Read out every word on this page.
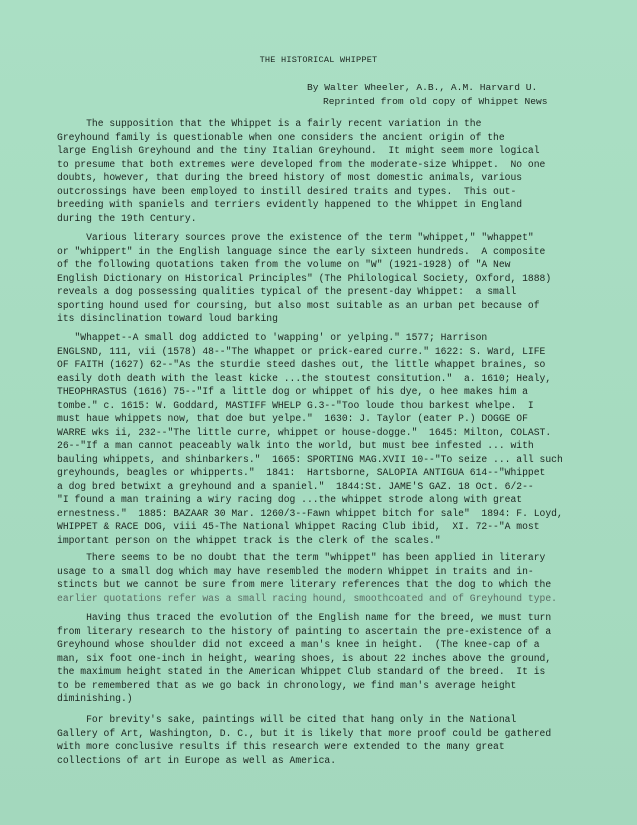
THE HISTORICAL WHIPPET
By Walter Wheeler, A.B., A.M. Harvard U.
Reprinted from old copy of Whippet News
The supposition that the Whippet is a fairly recent variation in the
Greyhound family is questionable when one considers the ancient origin of the
large English Greyhound and the tiny Italian Greyhound.  It might seem more logical
to presume that both extremes were developed from the moderate-size Whippet.  No one
doubts, however, that during the breed history of most domestic animals, various
outcrossings have been employed to instill desired traits and types.  This out-
breeding with spaniels and terriers evidently happened to the Whippet in England
during the 19th Century.
Various literary sources prove the existence of the term "whippet," "whappet"
or "whippert" in the English language since the early sixteen hundreds.  A composite
of the following quotations taken from the volume on "W" (1921-1928) of "A New
English Dictionary on Historical Principles" (The Philological Society, Oxford, 1888)
reveals a dog possessing qualities typical of the present-day Whippet:  a small
sporting hound used for coursing, but also most suitable as an urban pet because of
its disinclination toward loud barking
"Whappet--A small dog addicted to 'wapping' or yelping." 1577; Harrison
ENGLSND, 111, vii (1578) 48--"The Whappet or prick-eared curre." 1622: S. Ward, LIFE
OF FAITH (1627) 62--"As the sturdie steed dashes out, the little whappet braines, so
easily doth death with the least kicke ...the stoutest consitution."  a. 1610; Healy,
THEOPHRASTUS (1616) 75--"If a little dog or whippet of his dye, o hee makes him a
tombe." c. 1615: W. Goddard, MASTIFF WHELP G.3--"Too loude thou barkest whelpe.  I
must haue whippets now, that doe but yelpe."  1630: J. Taylor (eater P.) DOGGE OF
WARRE wks ii, 232--"The little curre, whippet or house-dogge."  1645: Milton, COLAST.
26--"If a man cannot peaceably walk into the world, but must bee infested ... with
bauling whippets, and shinbarkers."  1665: SPORTING MAG.XVII 10--"To seize ... all such
greyhounds, beagles or whipperts."  1841:  Hartsborne, SALOPIA ANTIGUA 614--"Whippet
a dog bred betwixt a greyhound and a spaniel."  1844:St. JAME'S GAZ. 18 Oct. 6/2--
"I found a man training a wiry racing dog ...the whippet strode along with great
ernestness."  1885: BAZAAR 30 Mar. 1260/3--Fawn whippet bitch for sale"  1894: F. Loyd,
WHIPPET & RACE DOG, viii 45-The National Whippet Racing Club ibid,  XI. 72--"A most
important person on the whippet track is the clerk of the scales."
There seems to be no doubt that the term "whippet" has been applied in literary
usage to a small dog which may have resembled the modern Whippet in traits and in-
stincts but we cannot be sure from mere literary references that the dog to which the
earlier quotations refer was a small racing hound, smoothcoated and of Greyhound type.
Having thus traced the evolution of the English name for the breed, we must turn
from literary research to the history of painting to ascertain the pre-existence of a
Greyhound whose shoulder did not exceed a man's knee in height.  (The knee-cap of a
man, six foot one-inch in height, wearing shoes, is about 22 inches above the ground,
the maximum height stated in the American Whippet Club standard of the breed.  It is
to be remembered that as we go back in chronology, we find man's average height
diminishing.)
For brevity's sake, paintings will be cited that hang only in the National
Gallery of Art, Washington, D. C., but it is likely that more proof could be gathered
with more conclusive results if this research were extended to the many great
collections of art in Europe as well as America.
